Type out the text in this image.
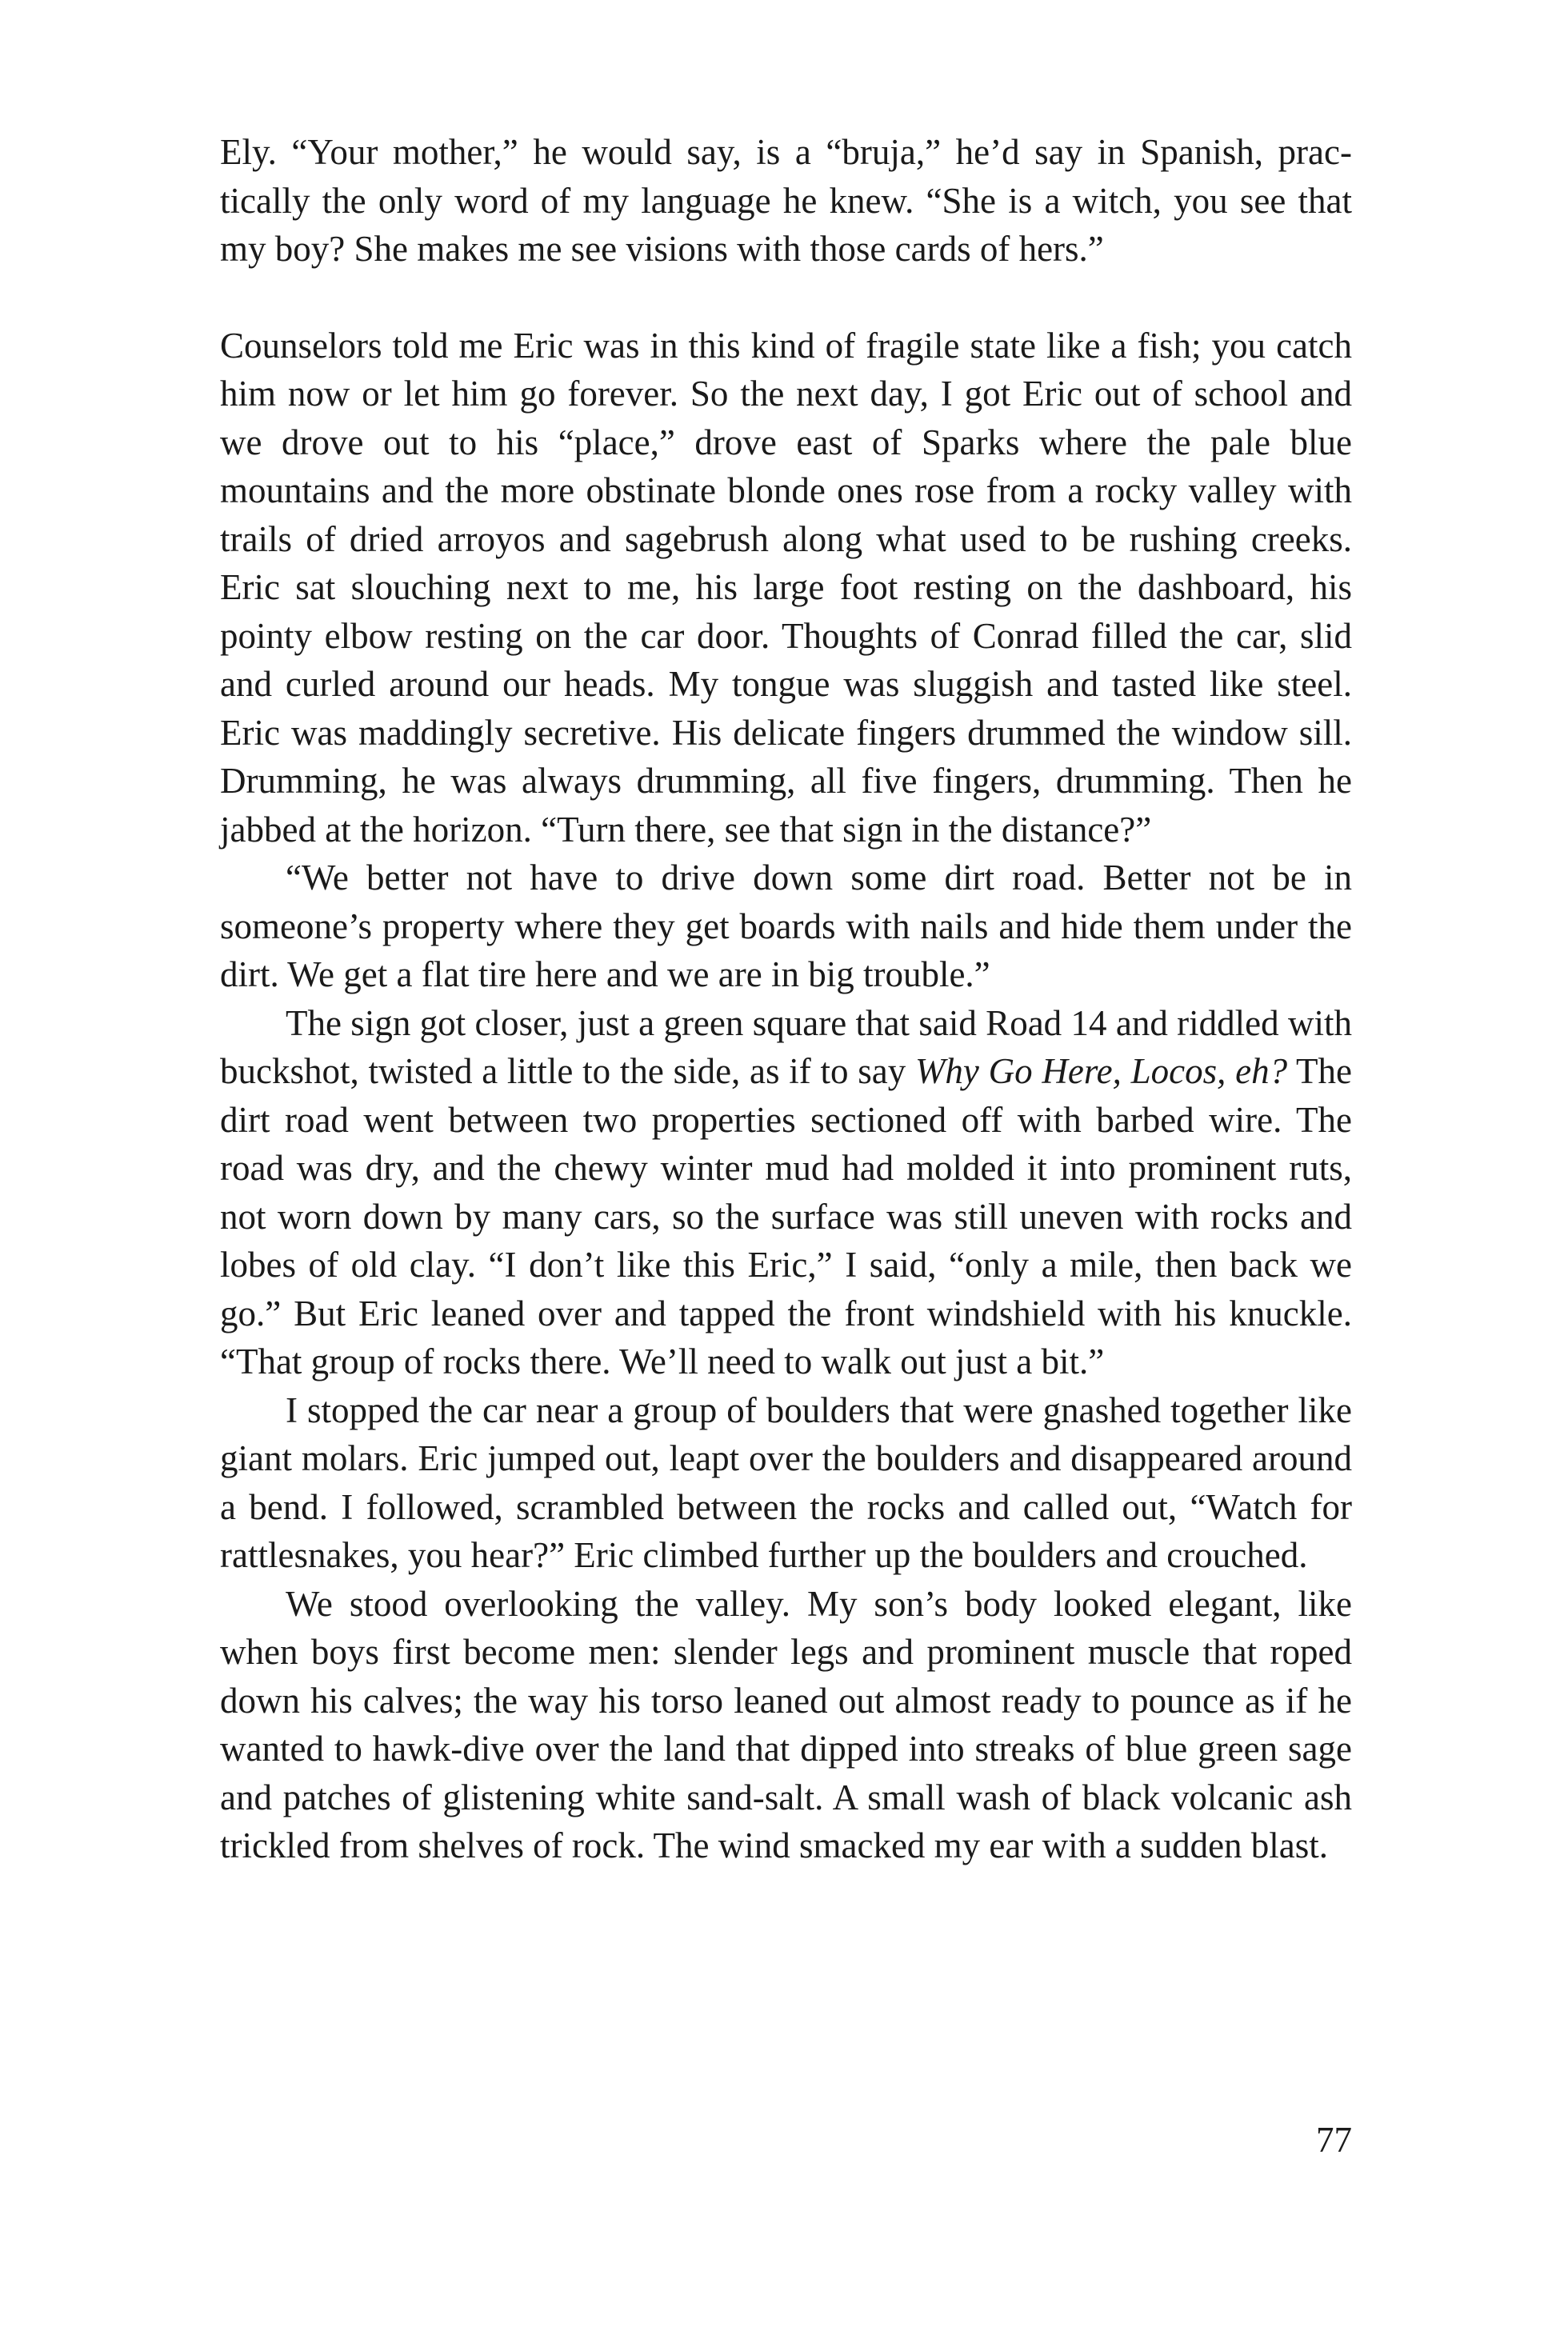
Ely. “Your mother,” he would say, is a “bruja,” he’d say in Spanish, practically the only word of my language he knew. “She is a witch, you see that my boy? She makes me see visions with those cards of hers.”

Counselors told me Eric was in this kind of fragile state like a fish; you catch him now or let him go forever. So the next day, I got Eric out of school and we drove out to his “place,” drove east of Sparks where the pale blue mountains and the more obstinate blonde ones rose from a rocky valley with trails of dried arroyos and sagebrush along what used to be rushing creeks. Eric sat slouching next to me, his large foot resting on the dashboard, his pointy elbow resting on the car door. Thoughts of Conrad filled the car, slid and curled around our heads. My tongue was sluggish and tasted like steel. Eric was maddingly secretive. His delicate fingers drummed the window sill. Drumming, he was always drumming, all five fingers, drumming. Then he jabbed at the horizon. “Turn there, see that sign in the distance?”

“We better not have to drive down some dirt road. Better not be in someone’s property where they get boards with nails and hide them under the dirt. We get a flat tire here and we are in big trouble.”

The sign got closer, just a green square that said Road 14 and riddled with buckshot, twisted a little to the side, as if to say Why Go Here, Locos, eh? The dirt road went between two properties sectioned off with barbed wire. The road was dry, and the chewy winter mud had molded it into prominent ruts, not worn down by many cars, so the surface was still uneven with rocks and lobes of old clay. “I don’t like this Eric,” I said, “only a mile, then back we go.” But Eric leaned over and tapped the front windshield with his knuckle. “That group of rocks there. We’ll need to walk out just a bit.”

I stopped the car near a group of boulders that were gnashed together like giant molars. Eric jumped out, leapt over the boulders and disappeared around a bend. I followed, scrambled between the rocks and called out, “Watch for rattlesnakes, you hear?” Eric climbed further up the boulders and crouched.

We stood overlooking the valley. My son’s body looked elegant, like when boys first become men: slender legs and prominent muscle that roped down his calves; the way his torso leaned out almost ready to pounce as if he wanted to hawk-dive over the land that dipped into streaks of blue green sage and patches of glistening white sand-salt. A small wash of black volcanic ash trickled from shelves of rock. The wind smacked my ear with a sudden blast.

77
